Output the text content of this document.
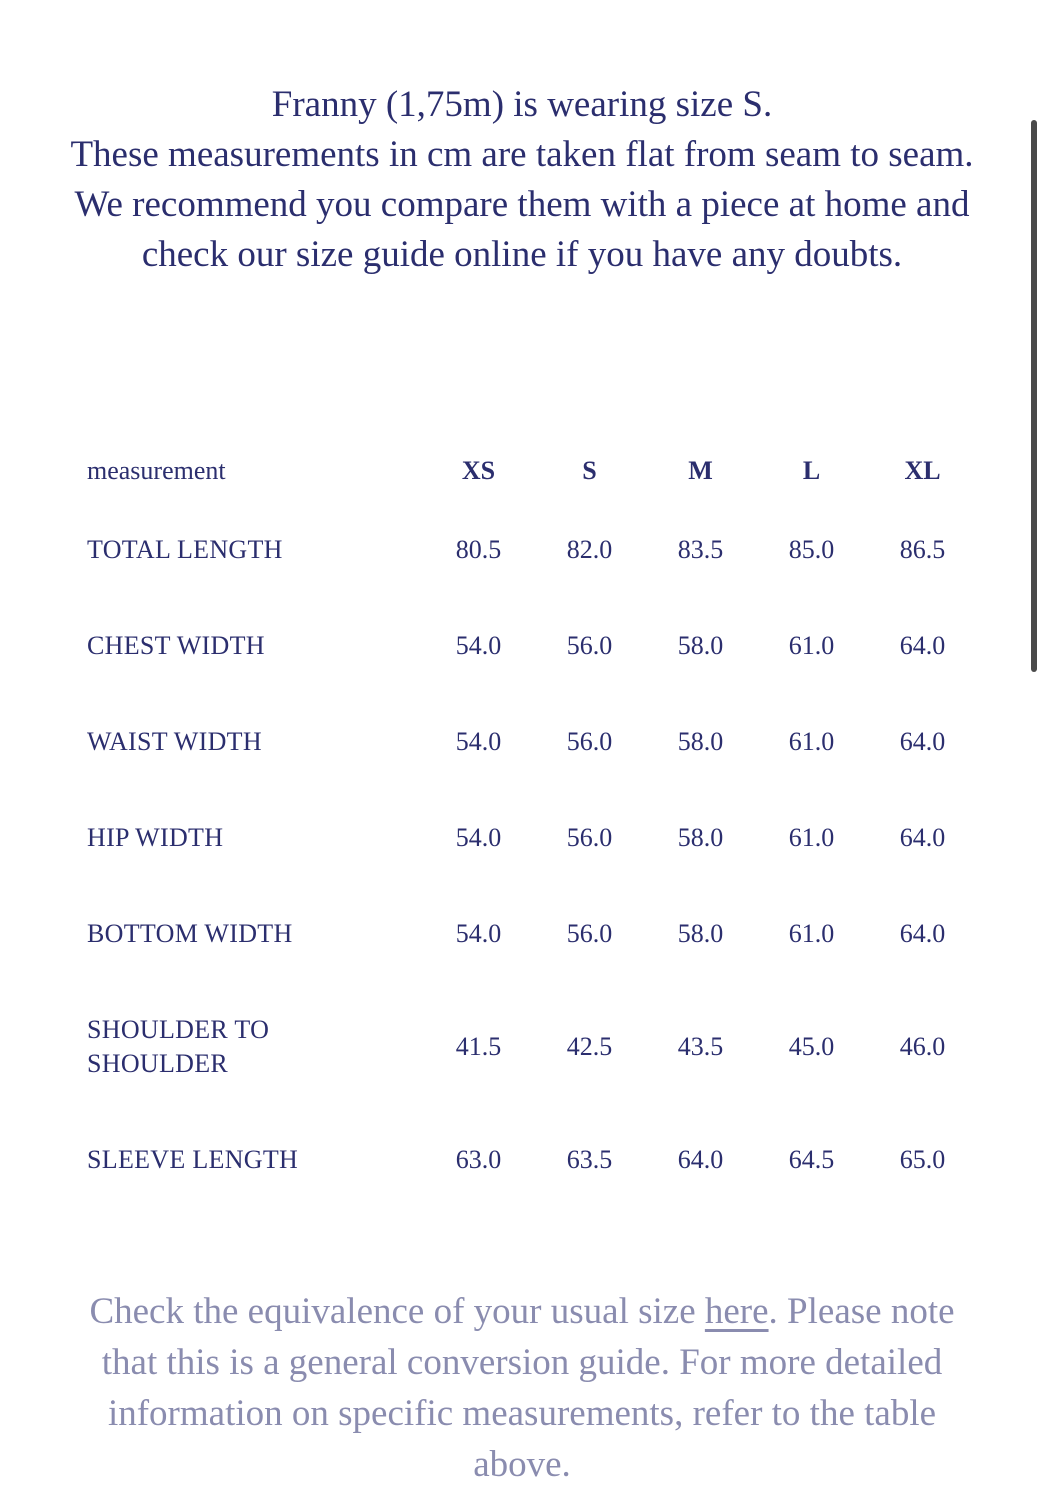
Franny (1,75m) is wearing size S.

These measurements in cm are taken flat from seam to seam. We recommend you compare them with a piece at home and check our size guide online if you have any doubts.

measurement	XS	S	M	L	XL
TOTAL LENGTH	80.5	82.0	83.5	85.0	86.5
CHEST WIDTH	54.0	56.0	58.0	61.0	64.0
WAIST WIDTH	54.0	56.0	58.0	61.0	64.0
HIP WIDTH	54.0	56.0	58.0	61.0	64.0
BOTTOM WIDTH	54.0	56.0	58.0	61.0	64.0
SHOULDER TO SHOULDER	41.5	42.5	43.5	45.0	46.0
SLEEVE LENGTH	63.0	63.5	64.0	64.5	65.0

Check the equivalence of your usual size here. Please note that this is a general conversion guide. For more detailed information on specific measurements, refer to the table above.
